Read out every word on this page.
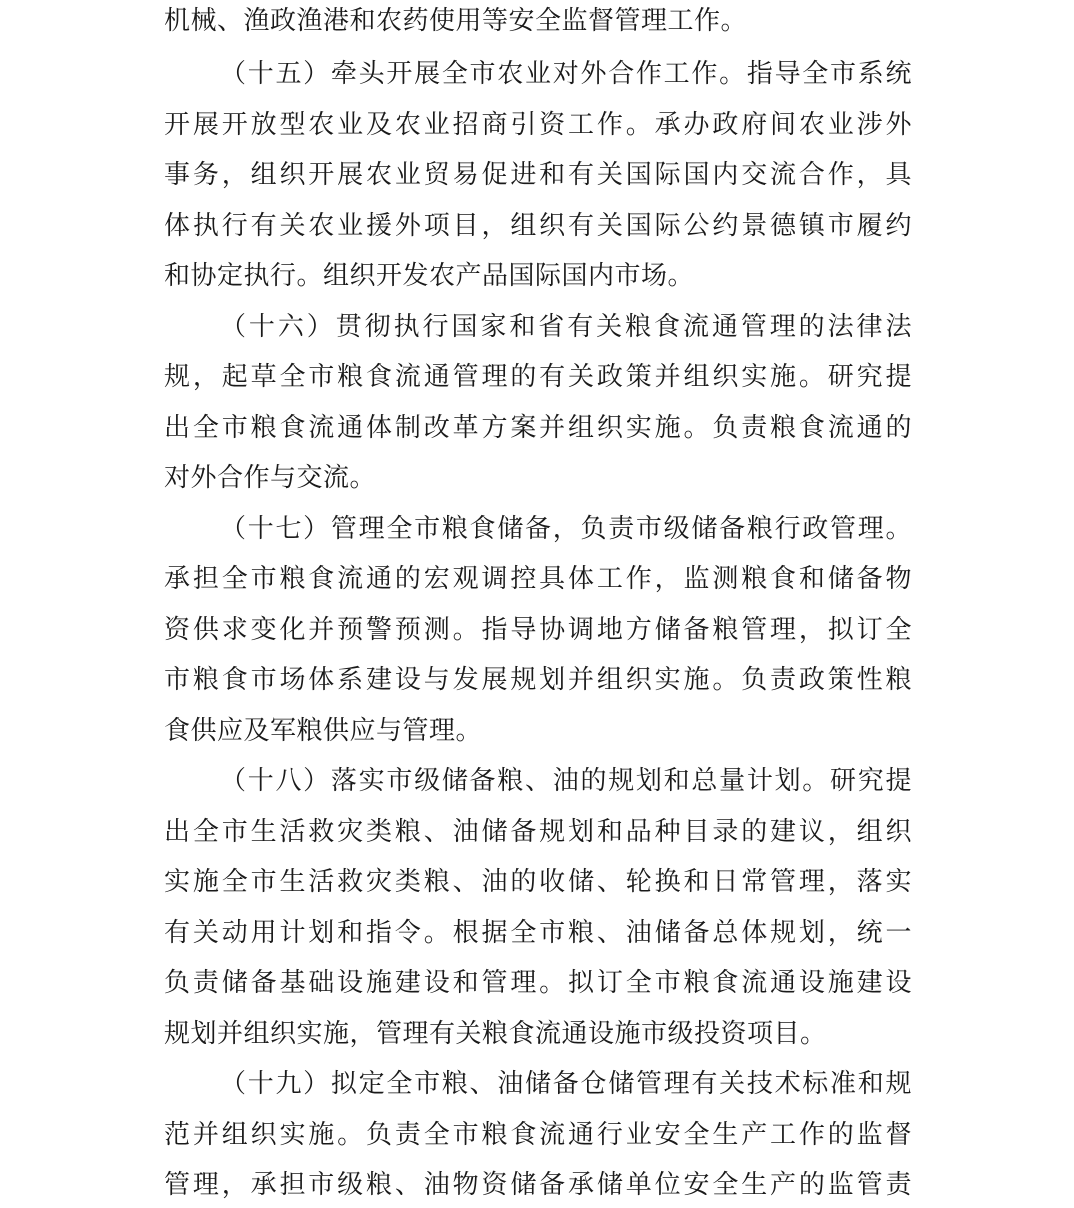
机械、渔政渔港和农药使用等安全监督管理工作。
（十五）牵头开展全市农业对外合作工作。指导全市系统
开展开放型农业及农业招商引资工作。承办政府间农业涉外
事务，组织开展农业贸易促进和有关国际国内交流合作，具
体执行有关农业援外项目，组织有关国际公约景德镇市履约
和协定执行。组织开发农产品国际国内市场。
（十六）贯彻执行国家和省有关粮食流通管理的法律法
规，起草全市粮食流通管理的有关政策并组织实施。研究提
出全市粮食流通体制改革方案并组织实施。负责粮食流通的
对外合作与交流。
（十七）管理全市粮食储备，负责市级储备粮行政管理。
承担全市粮食流通的宏观调控具体工作，监测粮食和储备物
资供求变化并预警预测。指导协调地方储备粮管理，拟订全
市粮食市场体系建设与发展规划并组织实施。负责政策性粮
食供应及军粮供应与管理。
（十八）落实市级储备粮、油的规划和总量计划。研究提
出全市生活救灾类粮、油储备规划和品种目录的建议，组织
实施全市生活救灾类粮、油的收储、轮换和日常管理，落实
有关动用计划和指令。根据全市粮、油储备总体规划，统一
负责储备基础设施建设和管理。拟订全市粮食流通设施建设
规划并组织实施，管理有关粮食流通设施市级投资项目。
（十九）拟定全市粮、油储备仓储管理有关技术标准和规
范并组织实施。负责全市粮食流通行业安全生产工作的监督
管理，承担市级粮、油物资储备承储单位安全生产的监管责
